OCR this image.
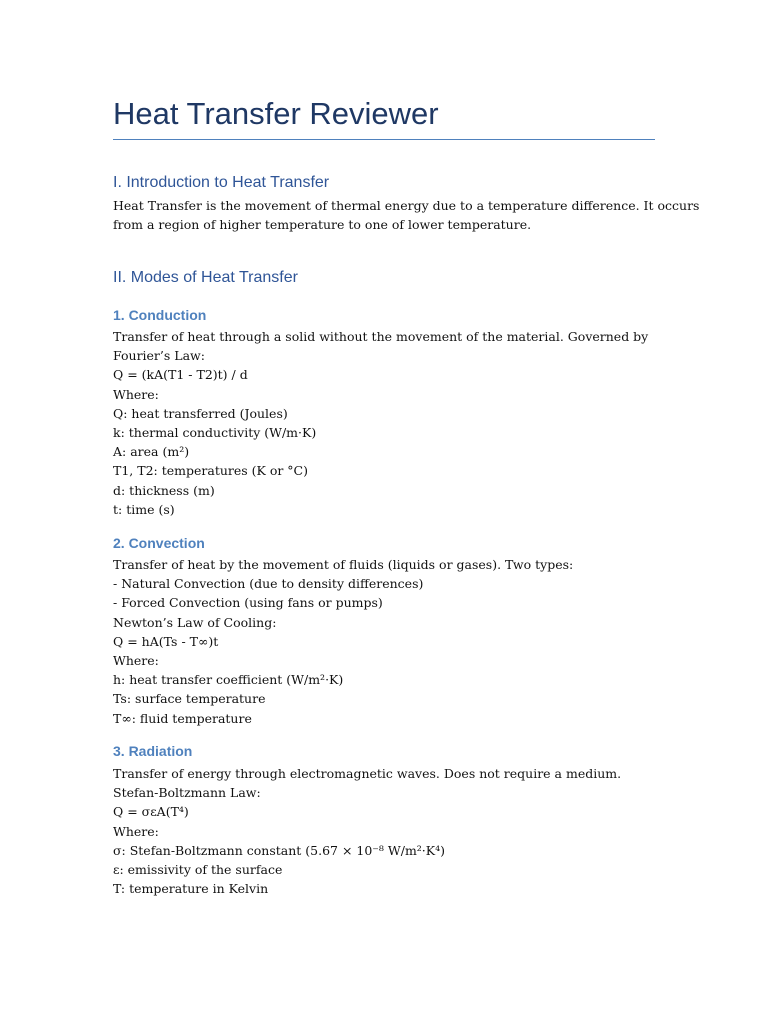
Heat Transfer Reviewer
I. Introduction to Heat Transfer
Heat Transfer is the movement of thermal energy due to a temperature difference. It occurs
from a region of higher temperature to one of lower temperature.
II. Modes of Heat Transfer
1. Conduction
Transfer of heat through a solid without the movement of the material. Governed by
Fourier’s Law:
Q = (kA(T1 - T2)t) / d
Where:
Q: heat transferred (Joules)
k: thermal conductivity (W/m·K)
A: area (m²)
T1, T2: temperatures (K or °C)
d: thickness (m)
t: time (s)
2. Convection
Transfer of heat by the movement of fluids (liquids or gases). Two types:
- Natural Convection (due to density differences)
- Forced Convection (using fans or pumps)
Newton’s Law of Cooling:
Q = hA(Ts - T∞)t
Where:
h: heat transfer coefficient (W/m²·K)
Ts: surface temperature
T∞: fluid temperature
3. Radiation
Transfer of energy through electromagnetic waves. Does not require a medium.
Stefan-Boltzmann Law:
Q = σεA(T⁴)
Where:
σ: Stefan-Boltzmann constant (5.67 × 10⁻⁸ W/m²·K⁴)
ε: emissivity of the surface
T: temperature in Kelvin
